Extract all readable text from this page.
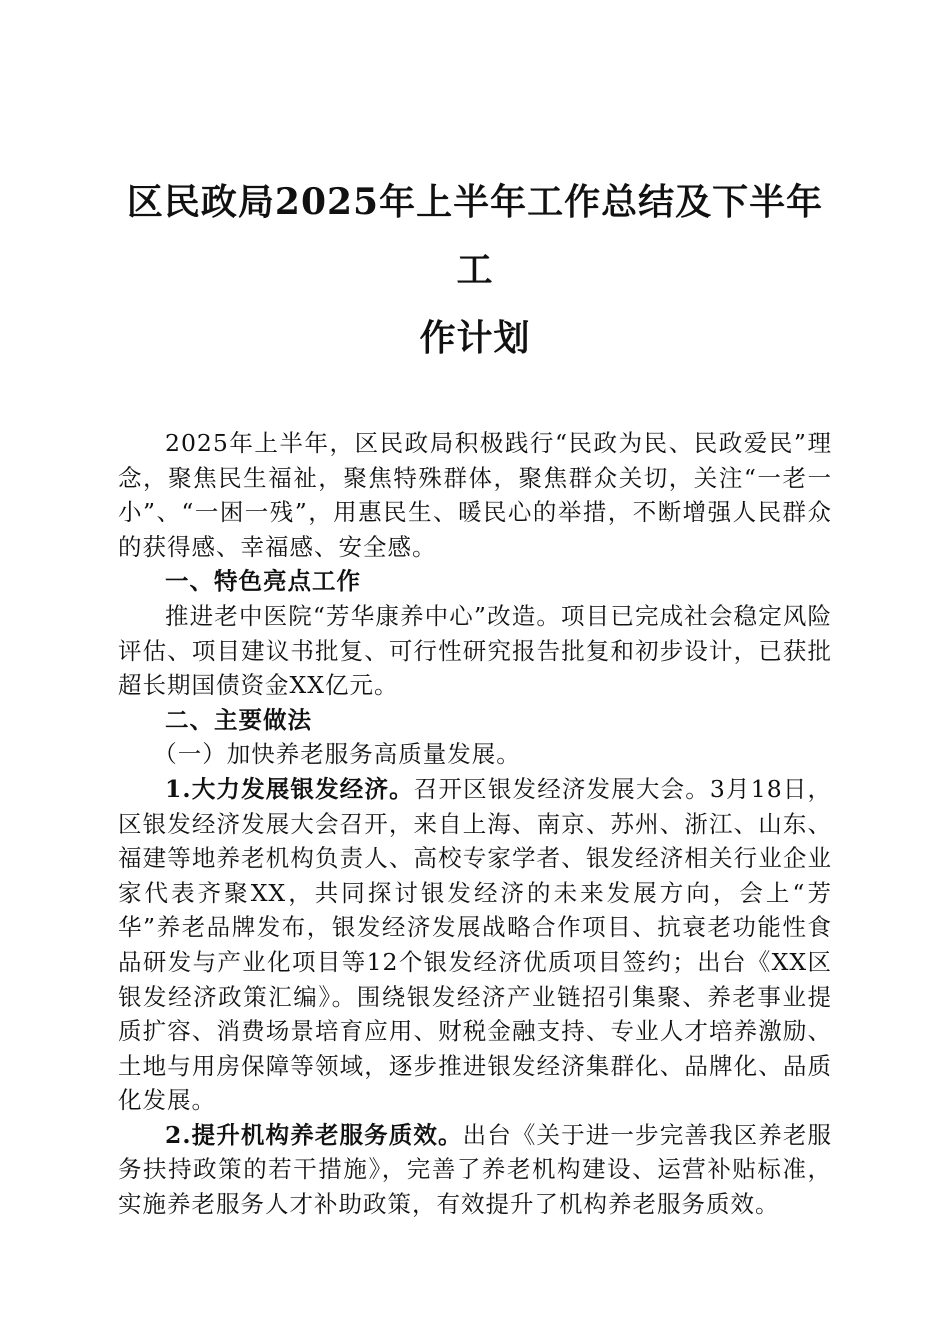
区民政局2025年上半年工作总结及下半年工
作计划

2025年上半年，区民政局积极践行“民政为民、民政爱民”理念，聚焦民生福祉，聚焦特殊群体，聚焦群众关切，关注“一老一小”、“一困一残”，用惠民生、暖民心的举措，不断增强人民群众的获得感、幸福感、安全感。

一、特色亮点工作

推进老中医院“芳华康养中心”改造。项目已完成社会稳定风险评估、项目建议书批复、可行性研究报告批复和初步设计，已获批超长期国债资金XX亿元。

二、主要做法

（一）加快养老服务高质量发展。

1.大力发展银发经济。召开区银发经济发展大会。3月18日，区银发经济发展大会召开，来自上海、南京、苏州、浙江、山东、福建等地养老机构负责人、高校专家学者、银发经济相关行业企业家代表齐聚XX，共同探讨银发经济的未来发展方向，会上“芳华”养老品牌发布，银发经济发展战略合作项目、抗衰老功能性食品研发与产业化项目等12个银发经济优质项目签约；出台《XX区银发经济政策汇编》。围绕银发经济产业链招引集聚、养老事业提质扩容、消费场景培育应用、财税金融支持、专业人才培养激励、土地与用房保障等领域，逐步推进银发经济集群化、品牌化、品质化发展。

2.提升机构养老服务质效。出台《关于进一步完善我区养老服务扶持政策的若干措施》，完善了养老机构建设、运营补贴标准，实施养老服务人才补助政策，有效提升了机构养老服务质效。
